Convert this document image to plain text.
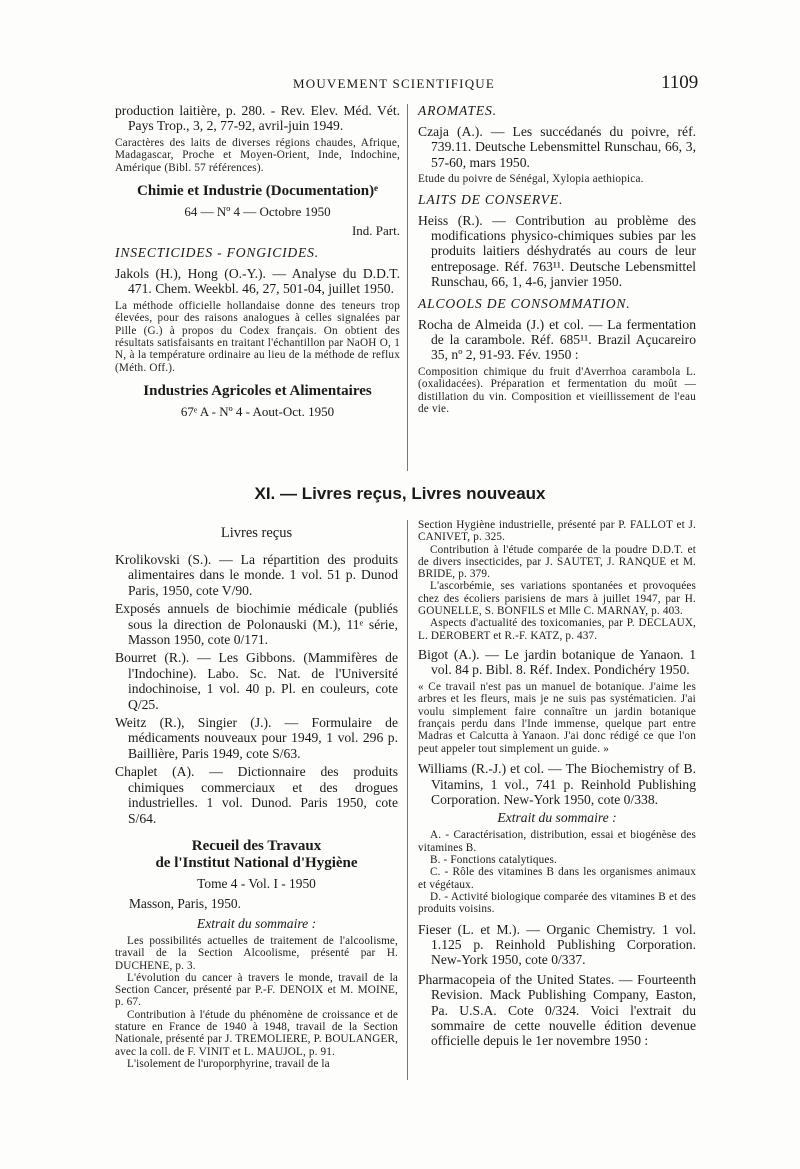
MOUVEMENT SCIENTIFIQUE	1109

production laitière, p. 280. - Rev. Elev. Méd. Vét. Pays Trop., 3, 2, 77-92, avril-juin 1949.

Caractères des laits de diverses régions chaudes, Afrique, Madagascar, Proche et Moyen-Orient, Inde, Indochine, Amérique (Bibl. 57 références).

Chimie et Industrie (Documentation)ᵉ

64 — Nº 4 — Octobre 1950

Ind. Part.

INSECTICIDES - FONGICIDES.

Jakols (H.), Hong (O.-Y.). — Analyse du D.D.T. 471. Chem. Weekbl. 46, 27, 501-04, juillet 1950.

La méthode officielle hollandaise donne des teneurs trop élevées, pour des raisons analogues à celles signalées par Pille (G.) à propos du Codex français. On obtient des résultats satisfaisants en traitant l'échantillon par NaOH O, 1 N, à la température ordinaire au lieu de la méthode de reflux (Méth. Off.).

Industries Agricoles et Alimentaires

67ᵉ A - Nº 4 - Aout-Oct. 1950

AROMATES.

Czaja (A.). — Les succédanés du poivre, réf. 739.11. Deutsche Lebensmittel Runschau, 66, 3, 57-60, mars 1950.

Etude du poivre de Sénégal, Xylopia aethiopica.

LAITS DE CONSERVE.

Heiss (R.). — Contribution au problème des modifications physico-chimiques subies par les produits laitiers déshydratés au cours de leur entreposage. Réf. 763¹¹. Deutsche Lebensmittel Runschau, 66, 1, 4-6, janvier 1950.

ALCOOLS DE CONSOMMATION.

Rocha de Almeida (J.) et col. — La fermentation de la carambole. Réf. 685¹¹. Brazil Açucareiro 35, nº 2, 91-93. Fév. 1950 :

Composition chimique du fruit d'Averrhoa carambola L. (oxalidacées). Préparation et fermentation du moût — distillation du vin. Composition et vieillissement de l'eau de vie.

XI. — Livres reçus, Livres nouveaux

Livres reçus

Krolikovski (S.). — La répartition des produits alimentaires dans le monde. 1 vol. 51 p. Dunod Paris, 1950, cote V/90.

Exposés annuels de biochimie médicale (publiés sous la direction de Polonauski (M.), 11ᵉ série, Masson 1950, cote 0/171.

Bourret (R.). — Les Gibbons. (Mammifères de l'Indochine). Labo. Sc. Nat. de l'Université indochinoise, 1 vol. 40 p. Pl. en couleurs, cote Q/25.

Weitz (R.), Singier (J.). — Formulaire de médicaments nouveaux pour 1949, 1 vol. 296 p. Baillière, Paris 1949, cote S/63.

Chaplet (A). — Dictionnaire des produits chimiques commerciaux et des drogues industrielles. 1 vol. Dunod. Paris 1950, cote S/64.

Recueil des Travaux

de l'Institut National d'Hygiène

Tome 4 - Vol. I - 1950

Masson, Paris, 1950.

Extrait du sommaire :

Les possibilités actuelles de traitement de l'alcoolisme, travail de la Section Alcoolisme, présenté par H. DUCHENE, p. 3.

L'évolution du cancer à travers le monde, travail de la Section Cancer, présenté par P.-F. DENOIX et M. MOINE, p. 67.

Contribution à l'étude du phénomène de croissance et de stature en France de 1940 à 1948, travail de la Section Nationale, présenté par J. TREMOLIERE, P. BOULANGER, avec la coll. de F. VINIT et L. MAUJOL, p. 91.

L'isolement de l'uroporphyrine, travail de la

Section Hygiène industrielle, présenté par P. FALLOT et J. CANIVET, p. 325.

Contribution à l'étude comparée de la poudre D.D.T. et de divers insecticides, par J. SAUTET, J. RANQUE et M. BRIDE, p. 379.

L'ascorbémie, ses variations spontanées et provoquées chez des écoliers parisiens de mars à juillet 1947, par H. GOUNELLE, S. BONFILS et Mlle C. MARNAY, p. 403.

Aspects d'actualité des toxicomanies, par P. DECLAUX, L. DEROBERT et R.-F. KATZ, p. 437.

Bigot (A.). — Le jardin botanique de Yanaon. 1 vol. 84 p. Bibl. 8. Réf. Index. Pondichéry 1950.

« Ce travail n'est pas un manuel de botanique. J'aime les arbres et les fleurs, mais je ne suis pas systématicien. J'ai voulu simplement faire connaître un jardin botanique français perdu dans l'Inde immense, quelque part entre Madras et Calcutta à Yanaon. J'ai donc rédigé ce que l'on peut appeler tout simplement un guide. »

Williams (R.-J.) et col. — The Biochemistry of B. Vitamins, 1 vol., 741 p. Reinhold Publishing Corporation. New-York 1950, cote 0/338.

Extrait du sommaire :

A. - Caractérisation, distribution, essai et biogénèse des vitamines B.

B. - Fonctions catalytiques.

C. - Rôle des vitamines B dans les organismes animaux et végétaux.

D. - Activité biologique comparée des vitamines B et des produits voisins.

Fieser (L. et M.). — Organic Chemistry. 1 vol. 1.125 p. Reinhold Publishing Corporation. New-York 1950, cote 0/337.

Pharmacopeia of the United States. — Fourteenth Revision. Mack Publishing Company, Easton, Pa. U.S.A. Cote 0/324. Voici l'extrait du sommaire de cette nouvelle édition devenue officielle depuis le 1er novembre 1950 :
